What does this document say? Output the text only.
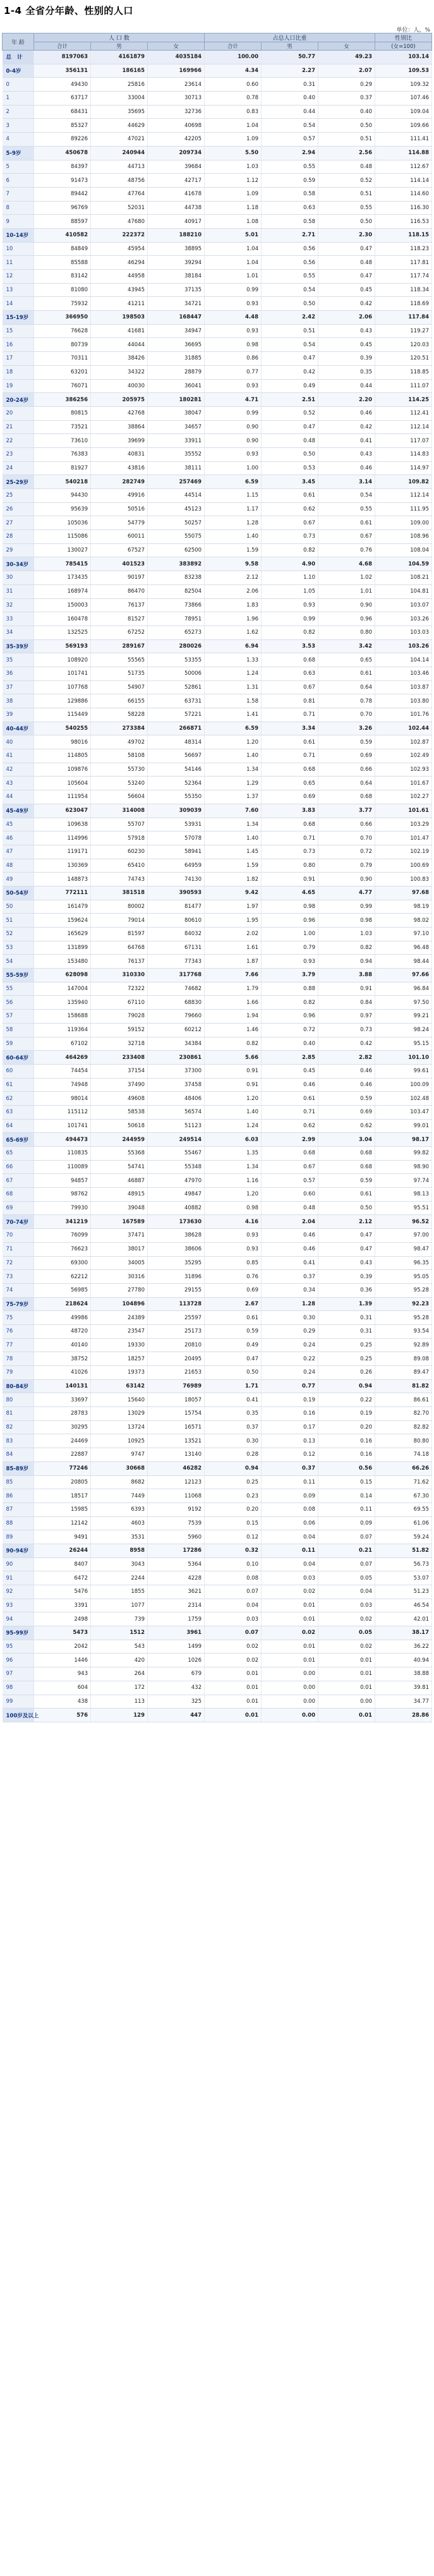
1-4 全省分年龄、性别的人口
单位：人，%
年 龄	人 口 数			占总人口比重			性别比
	合计	男	女	合计	男	女	(女=100)
总 计	8197063	4161879	4035184	100.00	50.77	49.23	103.14
0-4岁	356131	186165	169966	4.34	2.27	2.07	109.53
0	49430	25816	23614	0.60	0.31	0.29	109.32
1	63717	33004	30713	0.78	0.40	0.37	107.46
2	68431	35695	32736	0.83	0.44	0.40	109.04
3	85327	44629	40698	1.04	0.54	0.50	109.66
4	89226	47021	42205	1.09	0.57	0.51	111.41
5-9岁	450678	240944	209734	5.50	2.94	2.56	114.88
5	84397	44713	39684	1.03	0.55	0.48	112.67
6	91473	48756	42717	1.12	0.59	0.52	114.14
7	89442	47764	41678	1.09	0.58	0.51	114.60
8	96769	52031	44738	1.18	0.63	0.55	116.30
9	88597	47680	40917	1.08	0.58	0.50	116.53
10-14岁	410582	222372	188210	5.01	2.71	2.30	118.15
10	84849	45954	38895	1.04	0.56	0.47	118.23
11	85588	46294	39294	1.04	0.56	0.48	117.81
12	83142	44958	38184	1.01	0.55	0.47	117.74
13	81080	43945	37135	0.99	0.54	0.45	118.34
14	75932	41211	34721	0.93	0.50	0.42	118.69
15-19岁	366950	198503	168447	4.48	2.42	2.06	117.84
15	76628	41681	34947	0.93	0.51	0.43	119.27
16	80739	44044	36695	0.98	0.54	0.45	120.03
17	70311	38426	31885	0.86	0.47	0.39	120.51
18	63201	34322	28879	0.77	0.42	0.35	118.85
19	76071	40030	36041	0.93	0.49	0.44	111.07
20-24岁	386256	205975	180281	4.71	2.51	2.20	114.25
20	80815	42768	38047	0.99	0.52	0.46	112.41
21	73521	38864	34657	0.90	0.47	0.42	112.14
22	73610	39699	33911	0.90	0.48	0.41	117.07
23	76383	40831	35552	0.93	0.50	0.43	114.83
24	81927	43816	38111	1.00	0.53	0.46	114.97
25-29岁	540218	282749	257469	6.59	3.45	3.14	109.82
25	94430	49916	44514	1.15	0.61	0.54	112.14
26	95639	50516	45123	1.17	0.62	0.55	111.95
27	105036	54779	50257	1.28	0.67	0.61	109.00
28	115086	60011	55075	1.40	0.73	0.67	108.96
29	130027	67527	62500	1.59	0.82	0.76	108.04
30-34岁	785415	401523	383892	9.58	4.90	4.68	104.59
30	173435	90197	83238	2.12	1.10	1.02	108.21
31	168974	86470	82504	2.06	1.05	1.01	104.81
32	150003	76137	73866	1.83	0.93	0.90	103.07
33	160478	81527	78951	1.96	0.99	0.96	103.26
34	132525	67252	65273	1.62	0.82	0.80	103.03
35-39岁	569193	289167	280026	6.94	3.53	3.42	103.26
35	108920	55565	53355	1.33	0.68	0.65	104.14
36	101741	51735	50006	1.24	0.63	0.61	103.46
37	107768	54907	52861	1.31	0.67	0.64	103.87
38	129886	66155	63731	1.58	0.81	0.78	103.80
39	115449	58228	57221	1.41	0.71	0.70	101.76
40-44岁	540255	273384	266871	6.59	3.34	3.26	102.44
40	98016	49702	48314	1.20	0.61	0.59	102.87
41	114805	58108	56697	1.40	0.71	0.69	102.49
42	109876	55730	54146	1.34	0.68	0.66	102.93
43	105604	53240	52364	1.29	0.65	0.64	101.67
44	111954	56604	55350	1.37	0.69	0.68	102.27
45-49岁	623047	314008	309039	7.60	3.83	3.77	101.61
45	109638	55707	53931	1.34	0.68	0.66	103.29
46	114996	57918	57078	1.40	0.71	0.70	101.47
47	119171	60230	58941	1.45	0.73	0.72	102.19
48	130369	65410	64959	1.59	0.80	0.79	100.69
49	148873	74743	74130	1.82	0.91	0.90	100.83
50-54岁	772111	381518	390593	9.42	4.65	4.77	97.68
50	161479	80002	81477	1.97	0.98	0.99	98.19
51	159624	79014	80610	1.95	0.96	0.98	98.02
52	165629	81597	84032	2.02	1.00	1.03	97.10
53	131899	64768	67131	1.61	0.79	0.82	96.48
54	153480	76137	77343	1.87	0.93	0.94	98.44
55-59岁	628098	310330	317768	7.66	3.79	3.88	97.66
55	147004	72322	74682	1.79	0.88	0.91	96.84
56	135940	67110	68830	1.66	0.82	0.84	97.50
57	158688	79028	79660	1.94	0.96	0.97	99.21
58	119364	59152	60212	1.46	0.72	0.73	98.24
59	67102	32718	34384	0.82	0.40	0.42	95.15
60-64岁	464269	233408	230861	5.66	2.85	2.82	101.10
60	74454	37154	37300	0.91	0.45	0.46	99.61
61	74948	37490	37458	0.91	0.46	0.46	100.09
62	98014	49608	48406	1.20	0.61	0.59	102.48
63	115112	58538	56574	1.40	0.71	0.69	103.47
64	101741	50618	51123	1.24	0.62	0.62	99.01
65-69岁	494473	244959	249514	6.03	2.99	3.04	98.17
65	110835	55368	55467	1.35	0.68	0.68	99.82
66	110089	54741	55348	1.34	0.67	0.68	98.90
67	94857	46887	47970	1.16	0.57	0.59	97.74
68	98762	48915	49847	1.20	0.60	0.61	98.13
69	79930	39048	40882	0.98	0.48	0.50	95.51
70-74岁	341219	167589	173630	4.16	2.04	2.12	96.52
70	76099	37471	38628	0.93	0.46	0.47	97.00
71	76623	38017	38606	0.93	0.46	0.47	98.47
72	69300	34005	35295	0.85	0.41	0.43	96.35
73	62212	30316	31896	0.76	0.37	0.39	95.05
74	56985	27780	29155	0.69	0.34	0.36	95.28
75-79岁	218624	104896	113728	2.67	1.28	1.39	92.23
75	49986	24389	25597	0.61	0.30	0.31	95.28
76	48720	23547	25173	0.59	0.29	0.31	93.54
77	40140	19330	20810	0.49	0.24	0.25	92.89
78	38752	18257	20495	0.47	0.22	0.25	89.08
79	41026	19373	21653	0.50	0.24	0.26	89.47
80-84岁	140131	63142	76989	1.71	0.77	0.94	81.82
80	33697	15640	18057	0.41	0.19	0.22	86.61
81	28783	13029	15754	0.35	0.16	0.19	82.70
82	30295	13724	16571	0.37	0.17	0.20	82.82
83	24469	10925	13521	0.30	0.13	0.16	80.80
84	22887	9747	13140	0.28	0.12	0.16	74.18
85-89岁	77246	30668	46282	0.94	0.37	0.56	66.26
85	20805	8682	12123	0.25	0.11	0.15	71.62
86	18517	7449	11068	0.23	0.09	0.14	67.30
87	15985	6393	9192	0.20	0.08	0.11	69.55
88	12142	4603	7539	0.15	0.06	0.09	61.06
89	9491	3531	5960	0.12	0.04	0.07	59.24
90-94岁	26244	8958	17286	0.32	0.11	0.21	51.82
90	8407	3043	5364	0.10	0.04	0.07	56.73
91	6472	2244	4228	0.08	0.03	0.05	53.07
92	5476	1855	3621	0.07	0.02	0.04	51.23
93	3391	1077	2314	0.04	0.01	0.03	46.54
94	2498	739	1759	0.03	0.01	0.02	42.01
95-99岁	5473	1512	3961	0.07	0.02	0.05	38.17
95	2042	543	1499	0.02	0.01	0.02	36.22
96	1446	420	1026	0.02	0.01	0.01	40.94
97	943	264	679	0.01	0.00	0.01	38.88
98	604	172	432	0.01	0.00	0.01	39.81
99	438	113	325	0.01	0.00	0.00	34.77
100岁及以上	576	129	447	0.01	0.00	0.01	28.86
